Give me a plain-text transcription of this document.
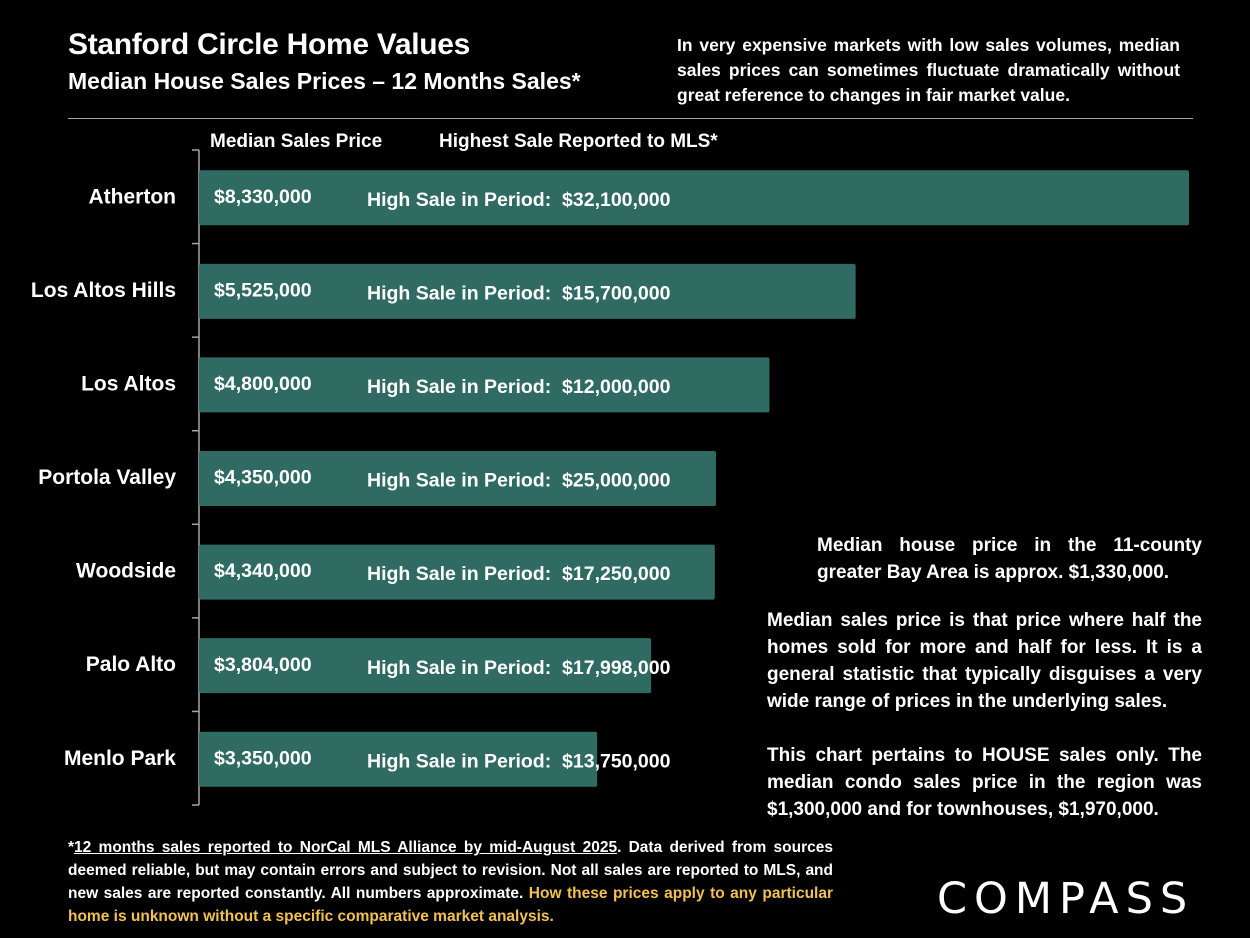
Stanford Circle Home Values
Median House Sales Prices – 12 Months Sales*
In very expensive markets with low sales volumes, median sales prices can sometimes fluctuate dramatically without great reference to changes in fair market value.
Median Sales Price	Highest Sale Reported to MLS*
Atherton $8,330,000	High Sale in Period:  $32,100,000
Los Altos Hills $5,525,000	High Sale in Period:  $15,700,000
Los Altos $4,800,000	High Sale in Period:  $12,000,000
Portola Valley $4,350,000	High Sale in Period:  $25,000,000
Woodside $4,340,000	High Sale in Period:  $17,250,000
Palo Alto $3,804,000	High Sale in Period:  $17,998,000
Menlo Park $3,350,000	High Sale in Period:  $13,750,000
Median house price in the 11-county greater Bay Area is approx. $1,330,000.
Median sales price is that price where half the homes sold for more and half for less. It is a general statistic that typically disguises a very wide range of prices in the underlying sales.
This chart pertains to HOUSE sales only. The median condo sales price in the region was $1,300,000 and for townhouses, $1,970,000.
*12 months sales reported to NorCal MLS Alliance by mid-August 2025. Data derived from sources deemed reliable, but may contain errors and subject to revision. Not all sales are reported to MLS, and new sales are reported constantly. All numbers approximate. How these prices apply to any particular home is unknown without a specific comparative market analysis.	COMPASS
